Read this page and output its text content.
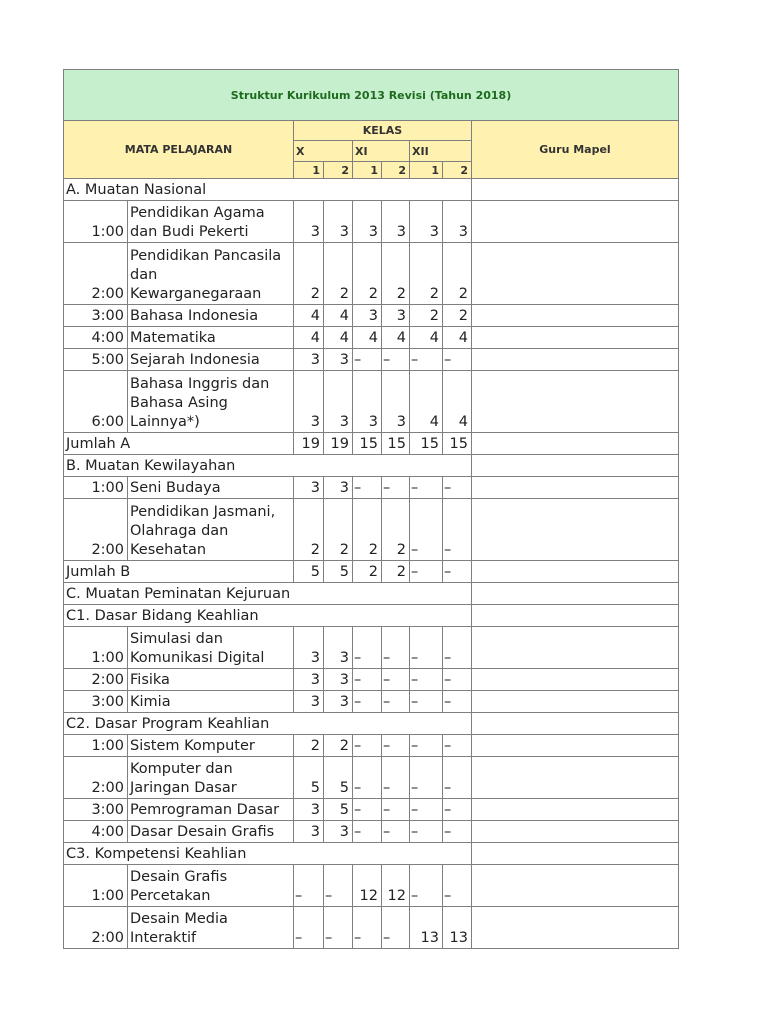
Struktur Kurikulum 2013 Revisi (Tahun 2018)								
MATA PELAJARAN		KELAS						Guru Mapel
		X		XI		XII		
		1	2	1	2	1	2	
A. Muatan Nasional								
1:00	Pendidikan Agama dan Budi Pekerti	3	3	3	3	3	3	
2:00	Pendidikan Pancasila dan Kewarganegaraan	2	2	2	2	2	2	
3:00	Bahasa Indonesia	4	4	3	3	2	2	
4:00	Matematika	4	4	4	4	4	4	
5:00	Sejarah Indonesia	3	3	–	–	–	–	
6:00	Bahasa Inggris dan Bahasa Asing Lainnya*)	3	3	3	3	4	4	
Jumlah A		19	19	15	15	15	15	
B. Muatan Kewilayahan								
1:00	Seni Budaya	3	3	–	–	–	–	
2:00	Pendidikan Jasmani, Olahraga dan Kesehatan	2	2	2	2	–	–	
Jumlah B		5	5	2	2	–	–	
C. Muatan Peminatan Kejuruan								
C1. Dasar Bidang Keahlian								
1:00	Simulasi dan Komunikasi Digital	3	3	–	–	–	–	
2:00	Fisika	3	3	–	–	–	–	
3:00	Kimia	3	3	–	–	–	–	
C2. Dasar Program Keahlian								
1:00	Sistem Komputer	2	2	–	–	–	–	
2:00	Komputer dan Jaringan Dasar	5	5	–	–	–	–	
3:00	Pemrograman Dasar	3	5	–	–	–	–	
4:00	Dasar Desain Grafis	3	3	–	–	–	–	
C3. Kompetensi Keahlian								
1:00	Desain Grafis Percetakan	–	–	12	12	–	–	
2:00	Desain Media Interaktif	–	–	–	–	13	13	
